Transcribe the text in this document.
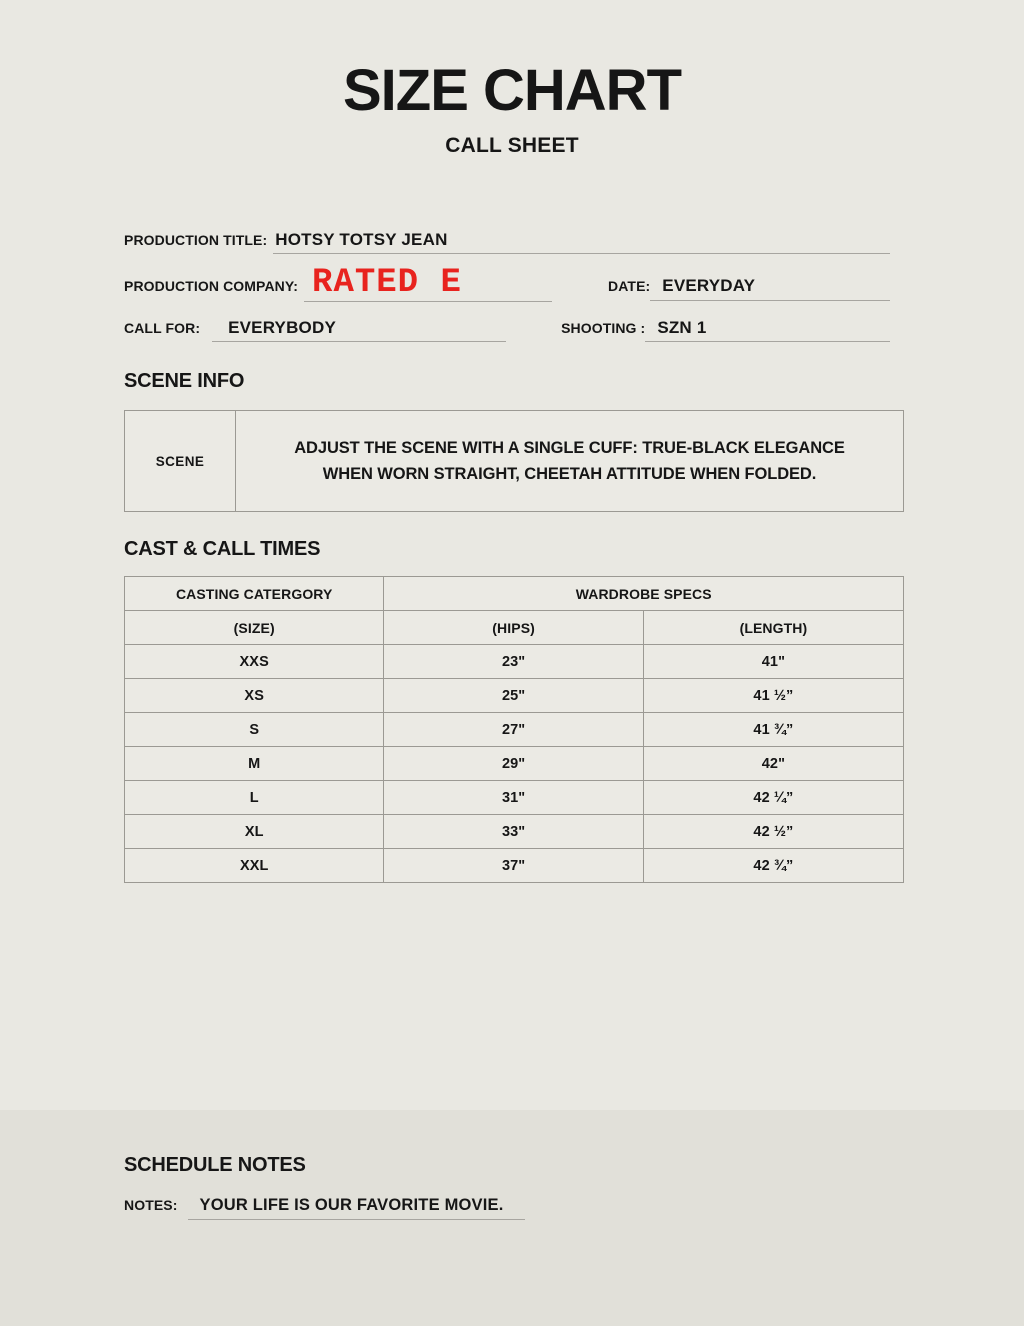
SIZE CHART
CALL SHEET
PRODUCTION TITLE: HOTSY TOTSY JEAN
PRODUCTION COMPANY: RATED E	DATE: EVERYDAY
CALL FOR:	EVERYBODY	SHOOTING : SZN 1
SCENE INFO
SCENE

ADJUST THE SCENE WITH A SINGLE CUFF: TRUE-BLACK ELEGANCE WHEN WORN STRAIGHT, CHEETAH ATTITUDE WHEN FOLDED.

CAST & CALL TIMES
CASTING CATERGORY	WARDROBE SPECS	
(SIZE)	(HIPS)	(LENGTH)
XXS	23"	41"
XS	25"	41 ½”
S	27"	41 ¾”
M	29"	42"
L	31"	42 ¼”
XL	33"	42 ½”
XXL	37"	42 ¾”
SCHEDULE NOTES
NOTES:	YOUR LIFE IS OUR FAVORITE MOVIE.
